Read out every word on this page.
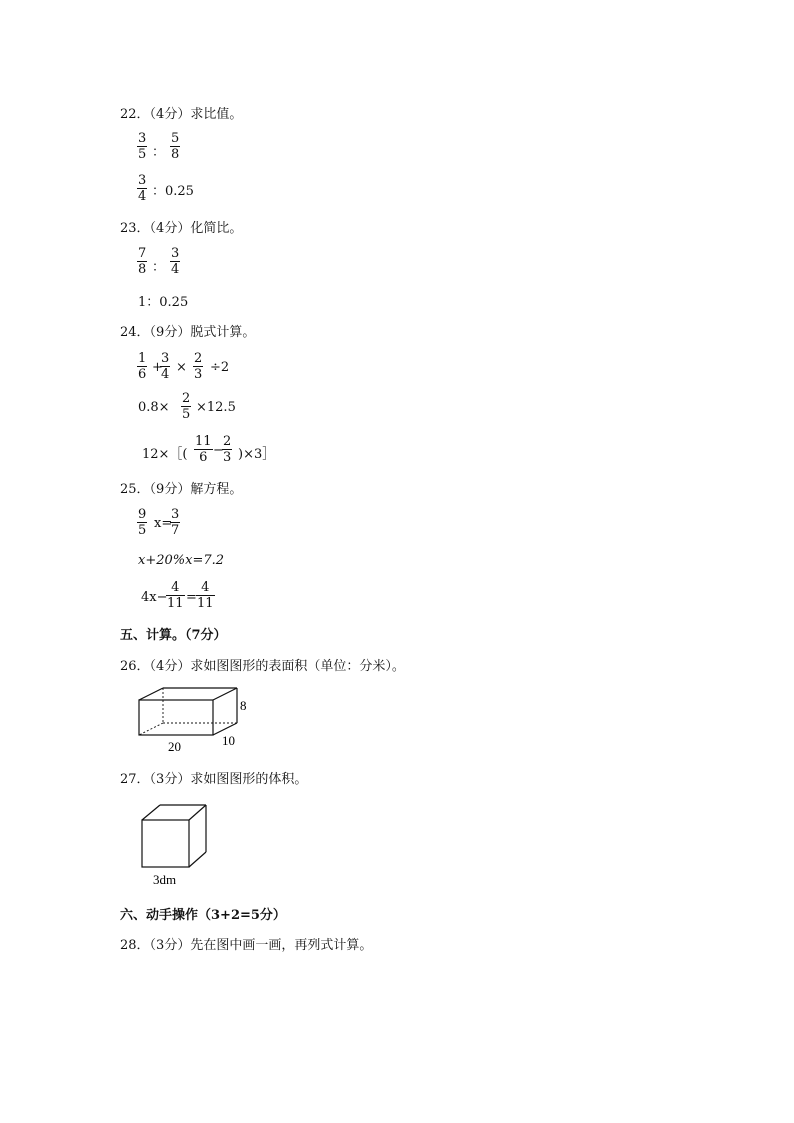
22．（4分）求比值。
$\frac{3}{5}$ ： $\frac{5}{8}$
$\frac{3}{4}$ ：0.25
23．（4分）化简比。
$\frac{7}{8}$ ： $\frac{3}{4}$
1：0.25
24．（9分）脱式计算。
$\frac{1}{6}$ +
$\frac{3}{4} \times \frac{2}{3} \div 2$
$0.8\times \frac{2}{5} \times 12.5$
12×［( $\frac{11}{6}$ −
$\frac{2}{3}$ )×3］
25．（9分）解方程。
$\frac{9}{5} x=$
$\frac{3}{7}$
x+20%x=7.2
4x−
$\frac{4}{11} = \frac{4}{11}$
五、计算。（7分）
26．（4分）求如图图形的表面积（单位：分米）。
8
20	10
3dm
27．（3分）求如图图形的体积。
六、动手操作（3+2=5分）
28．（3分）先在图中画一画，再列式计算。
